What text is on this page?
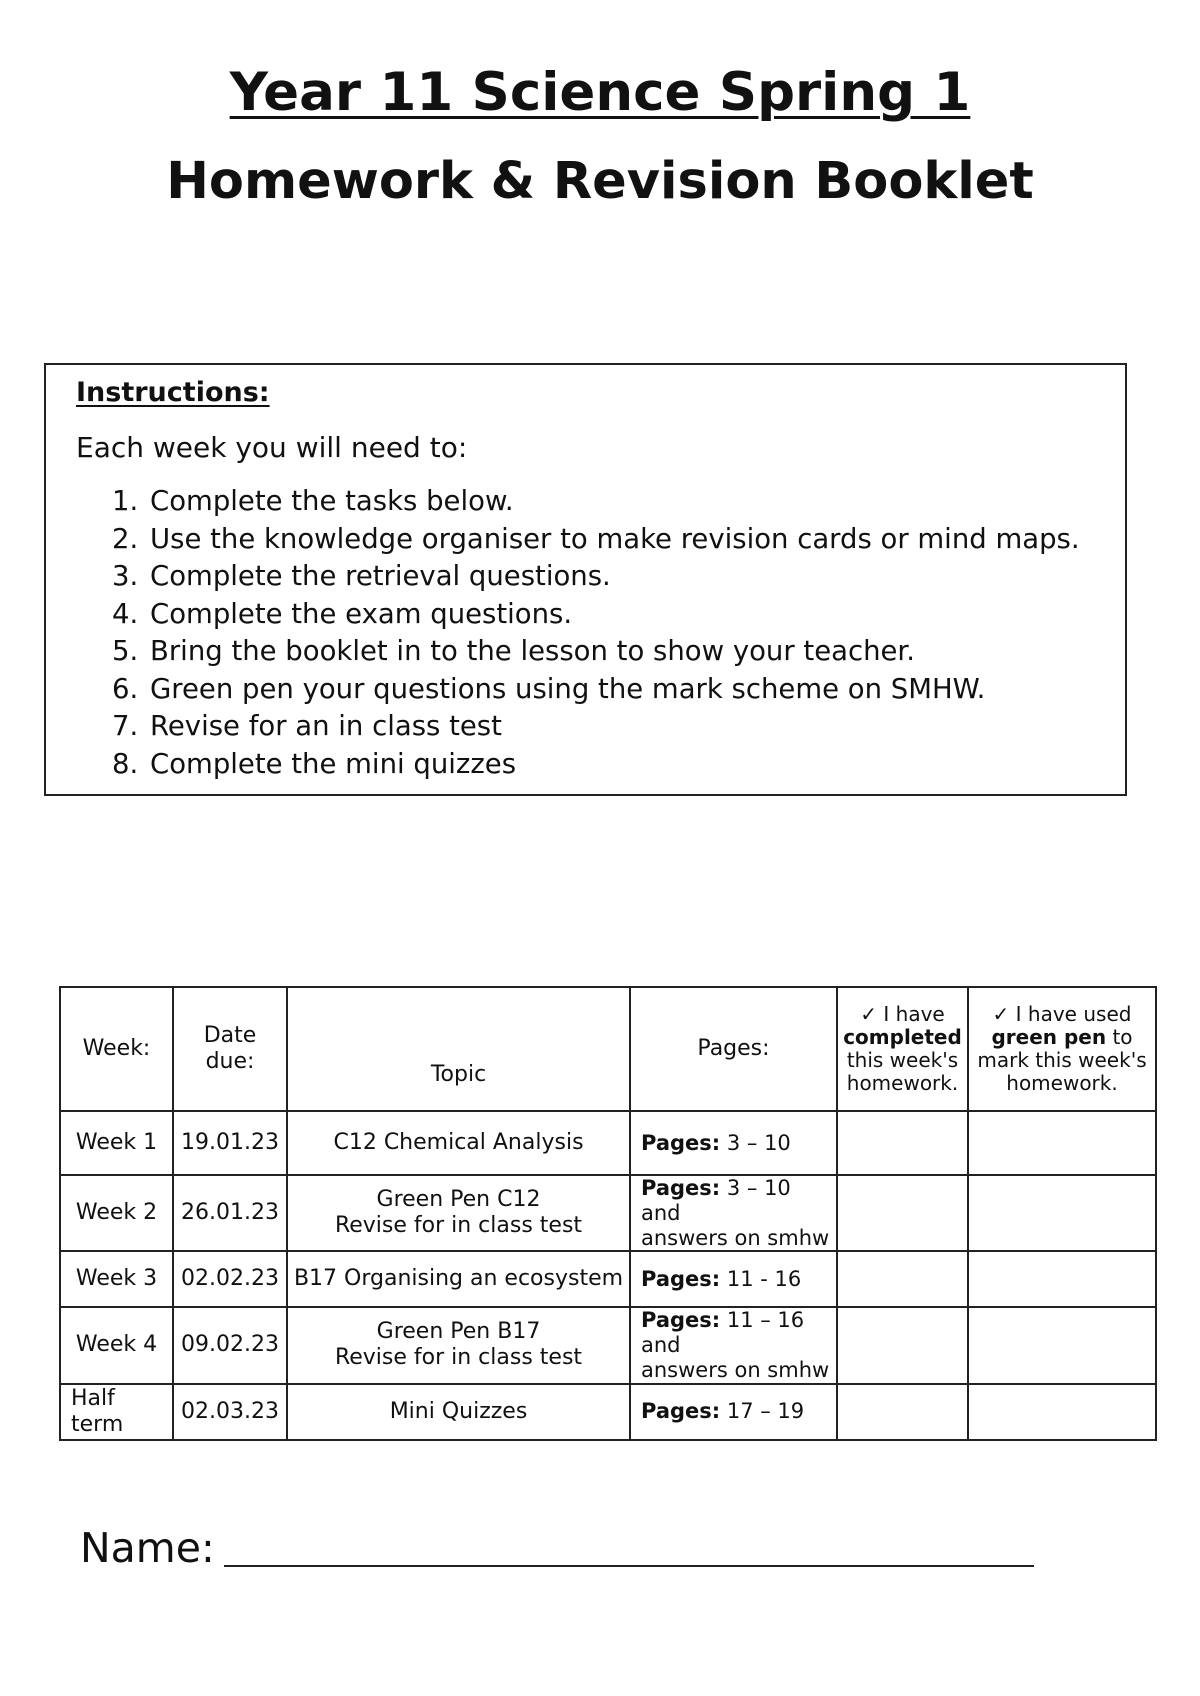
Year 11 Science Spring 1
Homework & Revision Booklet
Instructions:
Each week you will need to:
1. Complete the tasks below.
2. Use the knowledge organiser to make revision cards or mind maps.
3. Complete the retrieval questions.
4. Complete the exam questions.
5. Bring the booklet in to the lesson to show your teacher.
6. Green pen your questions using the mark scheme on SMHW.
7. Revise for an in class test
8. Complete the mini quizzes
Week:	Date
due:	Topic	Pages:	✓ I have
completed
this week's
homework.	✓ I have used
green pen to
mark this week's
homework.
Week 1	19.01.23	C12 Chemical Analysis	Pages: 3 – 10		
Week 2	26.01.23	Green Pen C12
Revise for in class test	Pages: 3 – 10 and
answers on smhw		
Week 3	02.02.23	B17 Organising an ecosystem	Pages: 11 - 16		
Week 4	09.02.23	Green Pen B17
Revise for in class test	Pages: 11 – 16 and
answers on smhw		
Half term	02.03.23	Mini Quizzes	Pages: 17 – 19		
Name:
